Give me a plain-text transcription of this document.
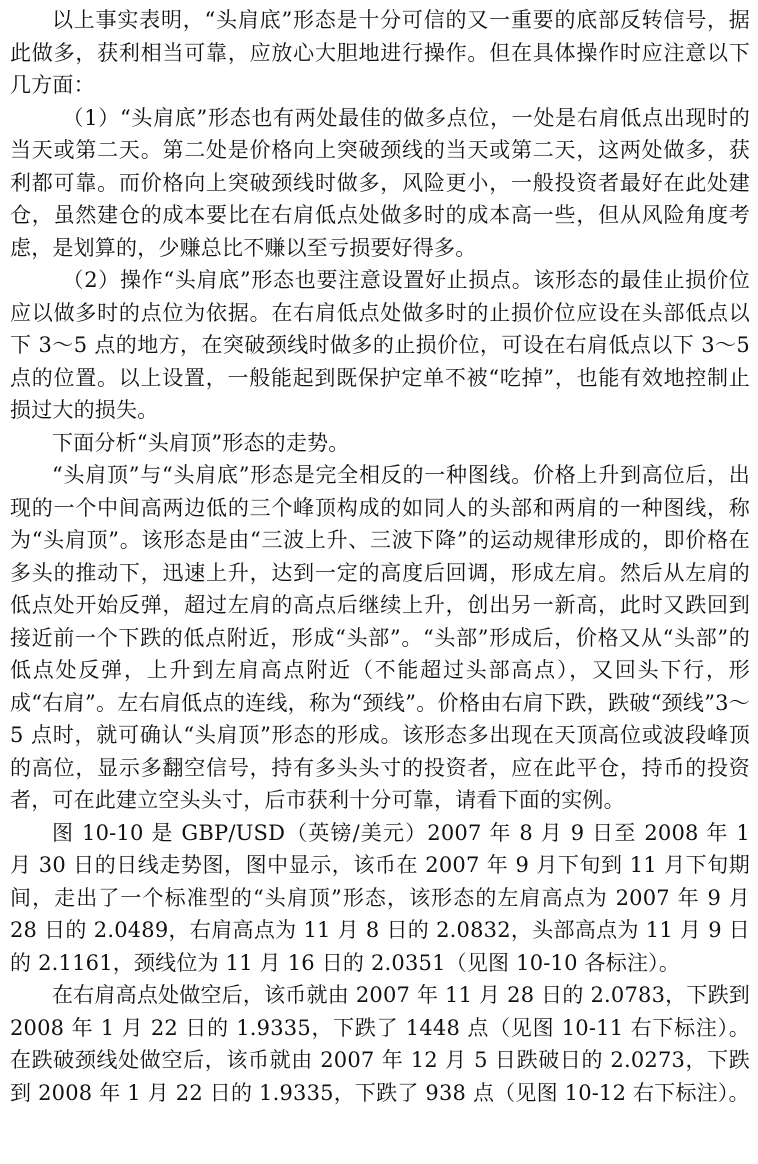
以上事实表明，“头肩底”形态是十分可信的又一重要的底部反转信号，据此做多，获利相当可靠，应放心大胆地进行操作。但在具体操作时应注意以下几方面：

（1）“头肩底”形态也有两处最佳的做多点位，一处是右肩低点出现时的当天或第二天。第二处是价格向上突破颈线的当天或第二天，这两处做多，获利都可靠。而价格向上突破颈线时做多，风险更小，一般投资者最好在此处建仓，虽然建仓的成本要比在右肩低点处做多时的成本高一些，但从风险角度考虑，是划算的，少赚总比不赚以至亏损要好得多。

（2）操作“头肩底”形态也要注意设置好止损点。该形态的最佳止损价位应以做多时的点位为依据。在右肩低点处做多时的止损价位应设在头部低点以下 3～5 点的地方，在突破颈线时做多的止损价位，可设在右肩低点以下 3～5 点的位置。以上设置，一般能起到既保护定单不被“吃掉”，也能有效地控制止损过大的损失。

下面分析“头肩顶”形态的走势。

“头肩顶”与“头肩底”形态是完全相反的一种图线。价格上升到高位后，出现的一个中间高两边低的三个峰顶构成的如同人的头部和两肩的一种图线，称为“头肩顶”。该形态是由“三波上升、三波下降”的运动规律形成的，即价格在多头的推动下，迅速上升，达到一定的高度后回调，形成左肩。然后从左肩的低点处开始反弹，超过左肩的高点后继续上升，创出另一新高，此时又跌回到接近前一个下跌的低点附近，形成“头部”。“头部”形成后，价格又从“头部”的低点处反弹，上升到左肩高点附近（不能超过头部高点），又回头下行，形成“右肩”。左右肩低点的连线，称为“颈线”。价格由右肩下跌，跌破“颈线”3～5 点时，就可确认“头肩顶”形态的形成。该形态多出现在天顶高位或波段峰顶的高位，显示多翻空信号，持有多头头寸的投资者，应在此平仓，持币的投资者，可在此建立空头头寸，后市获利十分可靠，请看下面的实例。

图 10-10 是 GBP/USD（英镑/美元）2007 年 8 月 9 日至 2008 年 1 月 30 日的日线走势图，图中显示，该币在 2007 年 9 月下旬到 11 月下旬期间，走出了一个标准型的“头肩顶”形态，该形态的左肩高点为 2007 年 9 月 28 日的 2.0489，右肩高点为 11 月 8 日的 2.0832，头部高点为 11 月 9 日的 2.1161，颈线位为 11 月 16 日的 2.0351（见图 10-10 各标注）。

在右肩高点处做空后，该币就由 2007 年 11 月 28 日的 2.0783，下跌到 2008 年 1 月 22 日的 1.9335，下跌了 1448 点（见图 10-11 右下标注）。在跌破颈线处做空后，该币就由 2007 年 12 月 5 日跌破日的 2.0273，下跌到 2008 年 1 月 22 日的 1.9335，下跌了 938 点（见图 10-12 右下标注）。
